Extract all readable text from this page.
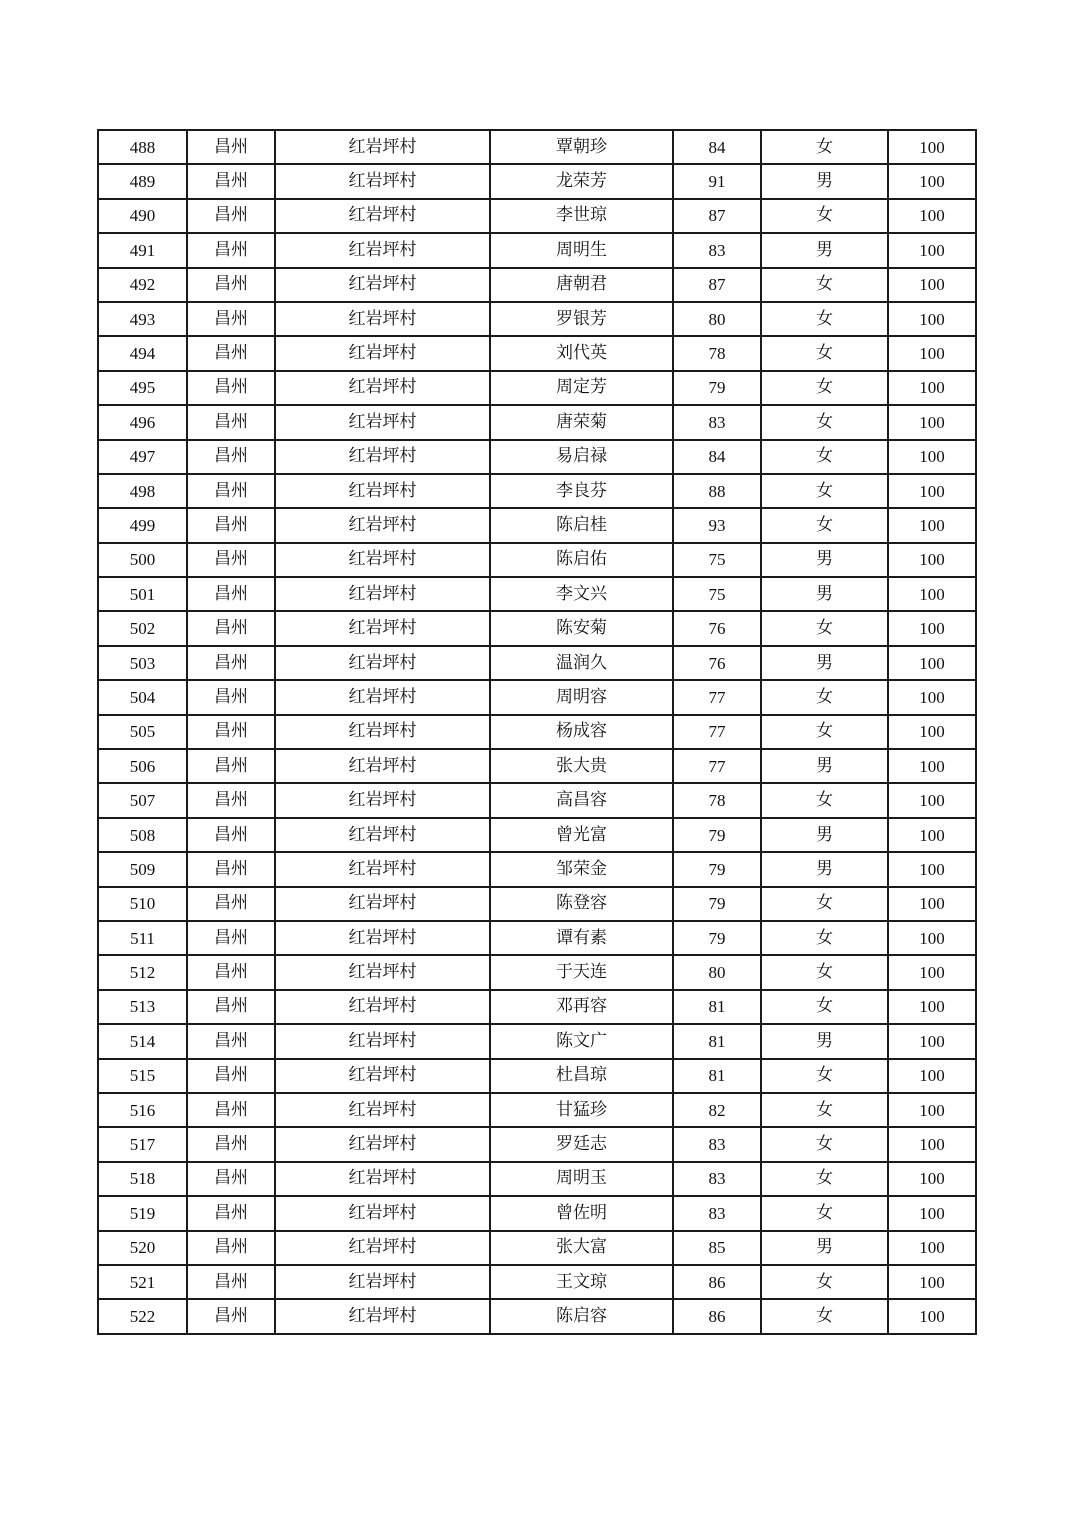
488	昌州	红岩坪村	覃朝珍	84	女	100
489	昌州	红岩坪村	龙荣芳	91	男	100
490	昌州	红岩坪村	李世琼	87	女	100
491	昌州	红岩坪村	周明生	83	男	100
492	昌州	红岩坪村	唐朝君	87	女	100
493	昌州	红岩坪村	罗银芳	80	女	100
494	昌州	红岩坪村	刘代英	78	女	100
495	昌州	红岩坪村	周定芳	79	女	100
496	昌州	红岩坪村	唐荣菊	83	女	100
497	昌州	红岩坪村	易启禄	84	女	100
498	昌州	红岩坪村	李良芬	88	女	100
499	昌州	红岩坪村	陈启桂	93	女	100
500	昌州	红岩坪村	陈启佑	75	男	100
501	昌州	红岩坪村	李文兴	75	男	100
502	昌州	红岩坪村	陈安菊	76	女	100
503	昌州	红岩坪村	温润久	76	男	100
504	昌州	红岩坪村	周明容	77	女	100
505	昌州	红岩坪村	杨成容	77	女	100
506	昌州	红岩坪村	张大贵	77	男	100
507	昌州	红岩坪村	高昌容	78	女	100
508	昌州	红岩坪村	曾光富	79	男	100
509	昌州	红岩坪村	邹荣金	79	男	100
510	昌州	红岩坪村	陈登容	79	女	100
511	昌州	红岩坪村	谭有素	79	女	100
512	昌州	红岩坪村	于天连	80	女	100
513	昌州	红岩坪村	邓再容	81	女	100
514	昌州	红岩坪村	陈文广	81	男	100
515	昌州	红岩坪村	杜昌琼	81	女	100
516	昌州	红岩坪村	甘猛珍	82	女	100
517	昌州	红岩坪村	罗廷志	83	女	100
518	昌州	红岩坪村	周明玉	83	女	100
519	昌州	红岩坪村	曾佐明	83	女	100
520	昌州	红岩坪村	张大富	85	男	100
521	昌州	红岩坪村	王文琼	86	女	100
522	昌州	红岩坪村	陈启容	86	女	100
